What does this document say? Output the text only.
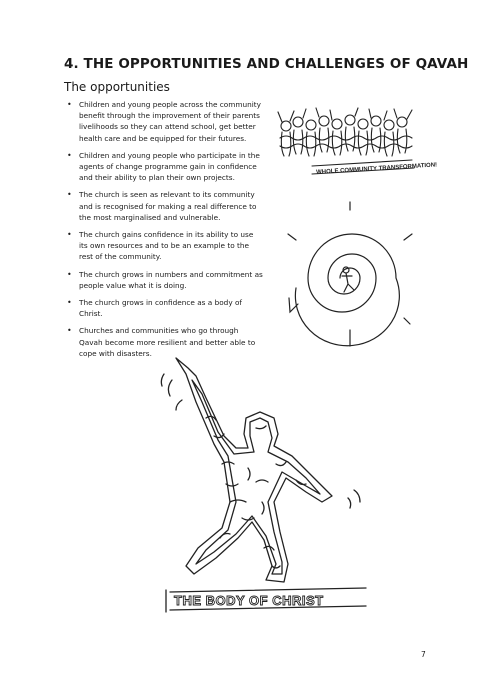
4. THE OPPORTUNITIES AND CHALLENGES OF QAVAH
The opportunities
• Children and young people across the community benefit through the improvement of their parents livelihoods so they can attend school, get better health care and be equipped for their futures.
• Children and young people who participate in the agents of change programme gain in confidence and their ability to plan their own projects.
• The church is seen as relevant to its community and is recognised for making a real difference to the most marginalised and vulnerable.
• The church gains confidence in its ability to use its own resources and to be an example to the rest of the community.
• The church grows in numbers and commitment as people value what it is doing.
• The church grows in confidence as a body of Christ.
• Churches and communities who go through Qavah become more resilient and better able to cope with disasters.
WHOLE COMMUNITY TRANSFORMATION!
THE BODY OF CHRIST
7
